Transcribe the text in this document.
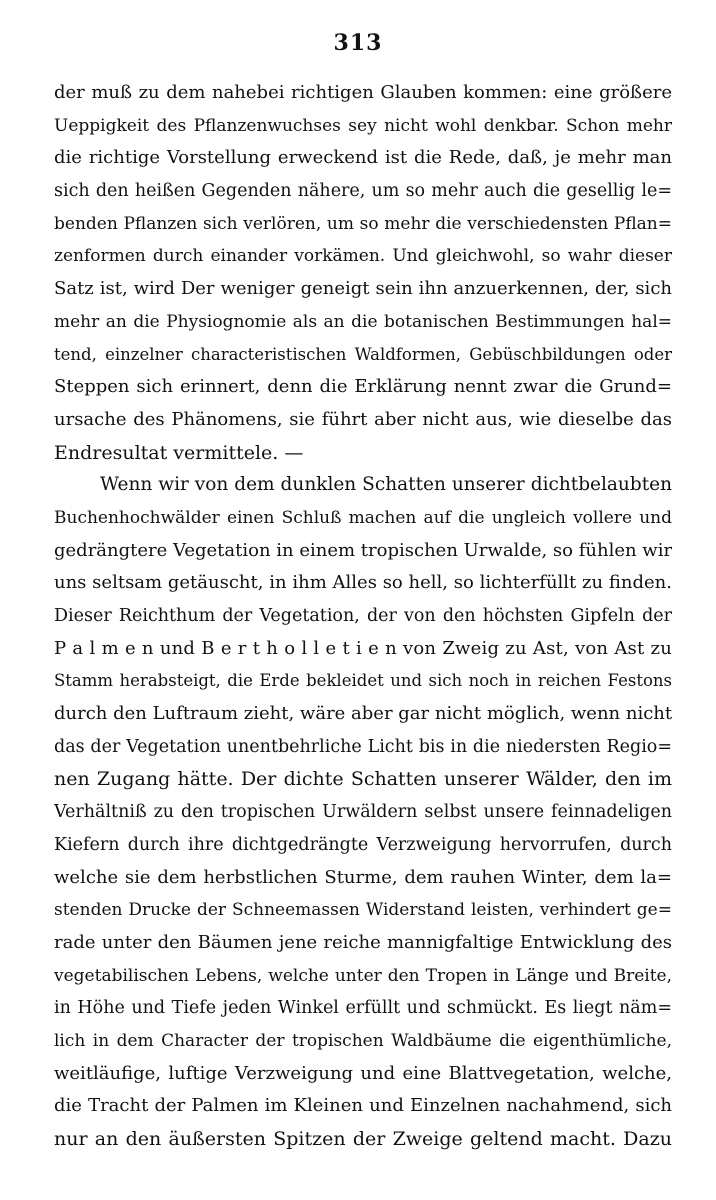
313
der muß zu dem nahebei richtigen Glauben kommen: eine größere
Ueppigkeit des Pflanzenwuchses sey nicht wohl denkbar. Schon mehr
die richtige Vorstellung erweckend ist die Rede, daß, je mehr man
sich den heißen Gegenden nähere, um so mehr auch die gesellig le=
benden Pflanzen sich verlören, um so mehr die verschiedensten Pflan=
zenformen durch einander vorkämen. Und gleichwohl, so wahr dieser
Satz ist, wird Der weniger geneigt sein ihn anzuerkennen, der, sich
mehr an die Physiognomie als an die botanischen Bestimmungen hal=
tend, einzelner characteristischen Waldformen, Gebüschbildungen oder
Steppen sich erinnert, denn die Erklärung nennt zwar die Grund=
ursache des Phänomens, sie führt aber nicht aus, wie dieselbe das
Endresultat vermittele. —
Wenn wir von dem dunklen Schatten unserer dichtbelaubten
Buchenhochwälder einen Schluß machen auf die ungleich vollere und
gedrängtere Vegetation in einem tropischen Urwalde, so fühlen wir
uns seltsam getäuscht, in ihm Alles so hell, so lichterfüllt zu finden.
Dieser Reichthum der Vegetation, der von den höchsten Gipfeln der
P a l m e n und B e r t h o l l e t i e n von Zweig zu Ast, von Ast zu
Stamm herabsteigt, die Erde bekleidet und sich noch in reichen Festons
durch den Luftraum zieht, wäre aber gar nicht möglich, wenn nicht
das der Vegetation unentbehrliche Licht bis in die niedersten Regio=
nen Zugang hätte. Der dichte Schatten unserer Wälder, den im
Verhältniß zu den tropischen Urwäldern selbst unsere feinnadeligen
Kiefern durch ihre dichtgedrängte Verzweigung hervorrufen, durch
welche sie dem herbstlichen Sturme, dem rauhen Winter, dem la=
stenden Drucke der Schneemassen Widerstand leisten, verhindert ge=
rade unter den Bäumen jene reiche mannigfaltige Entwicklung des
vegetabilischen Lebens, welche unter den Tropen in Länge und Breite,
in Höhe und Tiefe jeden Winkel erfüllt und schmückt. Es liegt näm=
lich in dem Character der tropischen Waldbäume die eigenthümliche,
weitläufige, luftige Verzweigung und eine Blattvegetation, welche,
die Tracht der Palmen im Kleinen und Einzelnen nachahmend, sich
nur an den äußersten Spitzen der Zweige geltend macht. Dazu
